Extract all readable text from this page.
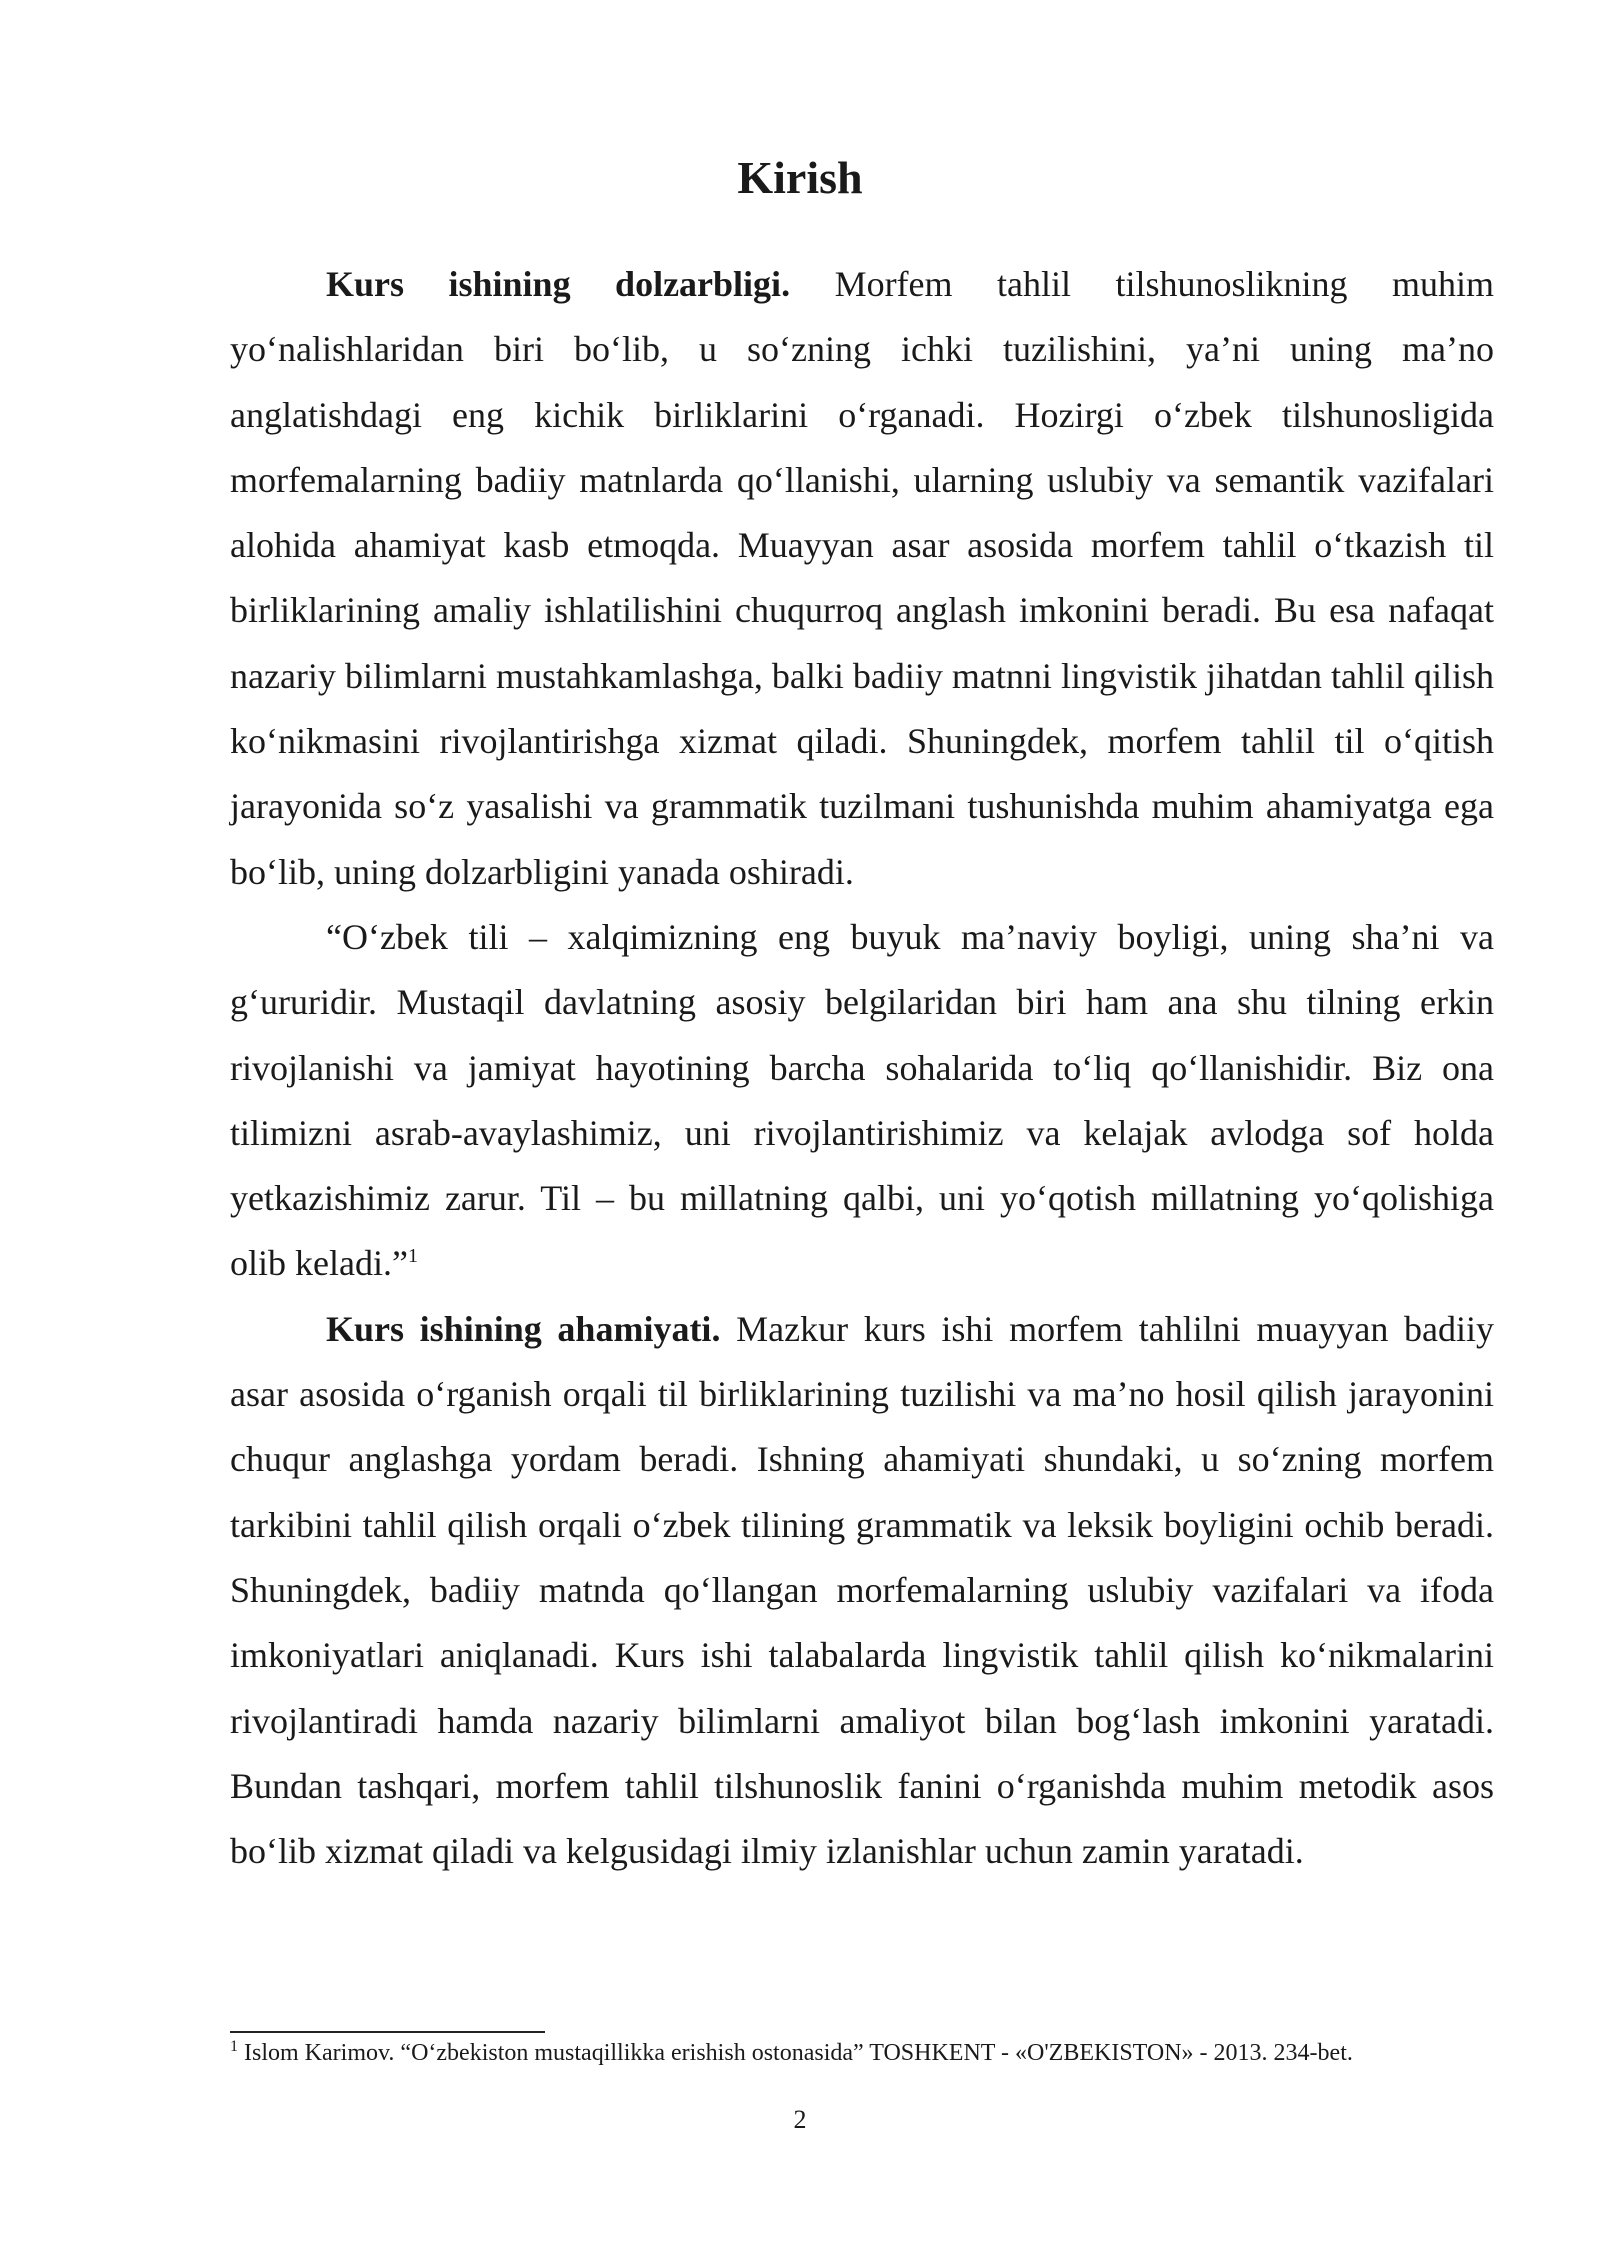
Kirish

Kurs ishining dolzarbligi. Morfem tahlil tilshunoslikning muhim yo‘nalishlaridan biri bo‘lib, u so‘zning ichki tuzilishini, ya’ni uning ma’no anglatishdagi eng kichik birliklarini o‘rganadi. Hozirgi o‘zbek tilshunosligida morfemalarning badiiy matnlarda qo‘llanishi, ularning uslubiy va semantik vazifalari alohida ahamiyat kasb etmoqda. Muayyan asar asosida morfem tahlil o‘tkazish til birliklarining amaliy ishlatilishini chuqurroq anglash imkonini beradi. Bu esa nafaqat nazariy bilimlarni mustahkamlashga, balki badiiy matnni lingvistik jihatdan tahlil qilish ko‘nikmasini rivojlantirishga xizmat qiladi. Shuningdek, morfem tahlil til o‘qitish jarayonida so‘z yasalishi va grammatik tuzilmani tushunishda muhim ahamiyatga ega bo‘lib, uning dolzarbligini yanada oshiradi.

“O‘zbek tili – xalqimizning eng buyuk ma’naviy boyligi, uning sha’ni va g‘ururidir. Mustaqil davlatning asosiy belgilaridan biri ham ana shu tilning erkin rivojlanishi va jamiyat hayotining barcha sohalarida to‘liq qo‘llanishidir. Biz ona tilimizni asrab-avaylashimiz, uni rivojlantirishimiz va kelajak avlodga sof holda yetkazishimiz zarur. Til – bu millatning qalbi, uni yo‘qotish millatning yo‘qolishiga olib keladi.”$^1$

Kurs ishining ahamiyati. Mazkur kurs ishi morfem tahlilni muayyan badiiy asar asosida o‘rganish orqali til birliklarining tuzilishi va ma’no hosil qilish jarayonini chuqur anglashga yordam beradi. Ishning ahamiyati shundaki, u so‘zning morfem tarkibini tahlil qilish orqali o‘zbek tilining grammatik va leksik boyligini ochib beradi. Shuningdek, badiiy matnda qo‘llangan morfemalarning uslubiy vazifalari va ifoda imkoniyatlari aniqlanadi. Kurs ishi talabalarda lingvistik tahlil qilish ko‘nikmalarini rivojlantiradi hamda nazariy bilimlarni amaliyot bilan bog‘lash imkonini yaratadi. Bundan tashqari, morfem tahlil tilshunoslik fanini o‘rganishda muhim metodik asos bo‘lib xizmat qiladi va kelgusidagi ilmiy izlanishlar uchun zamin yaratadi.

$^1$ Islom Karimov. “O‘zbekiston mustaqillikka erishish ostonasida” TOSHKENT - «O'ZBEKISTON» - 2013. 234-bet.

2
